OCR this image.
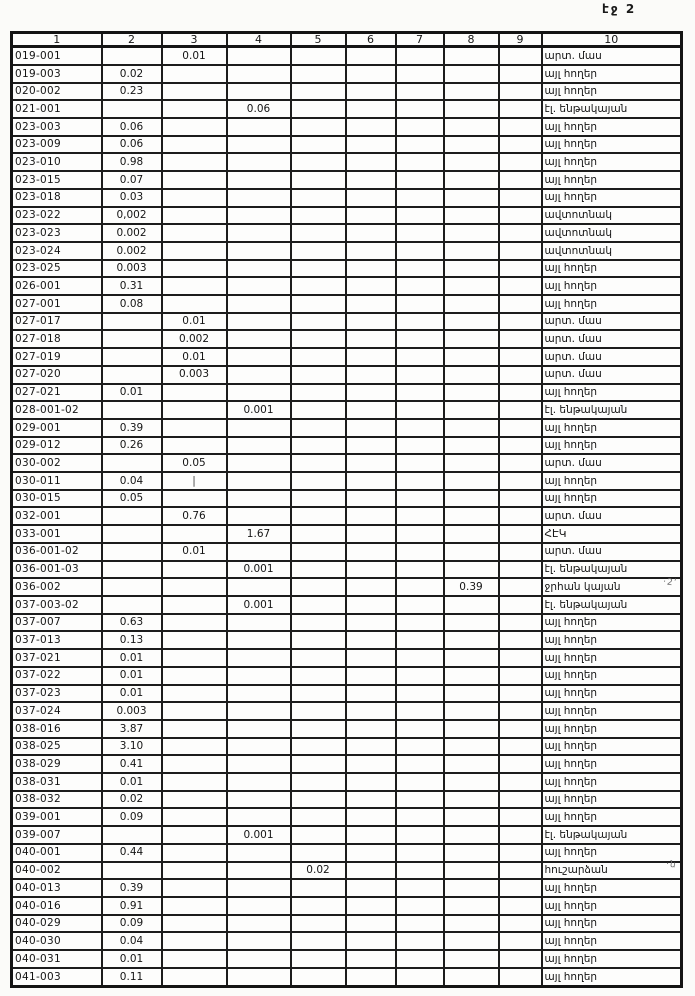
էջ 2
1	2	3	4	5	6	7	8	9	10
019-001		0.01							արտ. մաս
019-003	0.02								այլ հողեր
020-002	0.23								այլ հողեր
021-001			0.06						էլ. ենթակայան
023-003	0.06								այլ հողեր
023-009	0.06								այլ հողեր
023-010	0.98								այլ հողեր
023-015	0.07								այլ հողեր
023-018	0.03								այլ հողեր
023-022	0,002								ավտոտնակ
023-023	0.002								ավտոտնակ
023-024	0.002								ավտոտնակ
023-025	0.003								այլ հողեր
026-001	0.31								այլ հողեր
027-001	0.08								այլ հողեր
027-017		0.01							արտ. մաս
027-018		0.002							արտ. մաս
027-019		0.01							արտ. մաս
027-020		0.003							արտ. մաս
027-021	0.01								այլ հողեր
028-001-02			0.001						էլ. ենթակայան
029-001	0.39								այլ հողեր
029-012	0.26								այլ հողեր
030-002		0.05							արտ. մաս
030-011	0.04	|							այլ հողեր
030-015	0.05								այլ հողեր
032-001		0.76							արտ. մաս
033-001			1.67						ՀԷԿ
036-001-02		0.01							արտ. մաս
036-001-03			0.001						էլ. ենթակայան
036-002							0.39		ջրհան կայան
037-003-02			0.001						էլ. ենթակայան
037-007	0.63								այլ հողեր
037-013	0.13								այլ հողեր
037-021	0.01								այլ հողեր
037-022	0.01								այլ հողեր
037-023	0.01								այլ հողեր
037-024	0.003								այլ հողեր
038-016	3.87								այլ հողեր
038-025	3.10								այլ հողեր
038-029	0.41								այլ հողեր
038-031	0.01								այլ հողեր
038-032	0.02								այլ հողեր
039-001	0.09								այլ հողեր
039-007			0.001						էլ. ենթակայան
040-001	0.44								այլ հողեր
040-002				0.02					հուշարձան
040-013	0.39								այլ հողեր
040-016	0.91								այլ հողեր
040-029	0.09								այլ հողեր
040-030	0.04								այլ հողեր
040-031	0.01								այլ հողեր
041-003	0.11								այլ հողեր
·2ʹ
·ն
